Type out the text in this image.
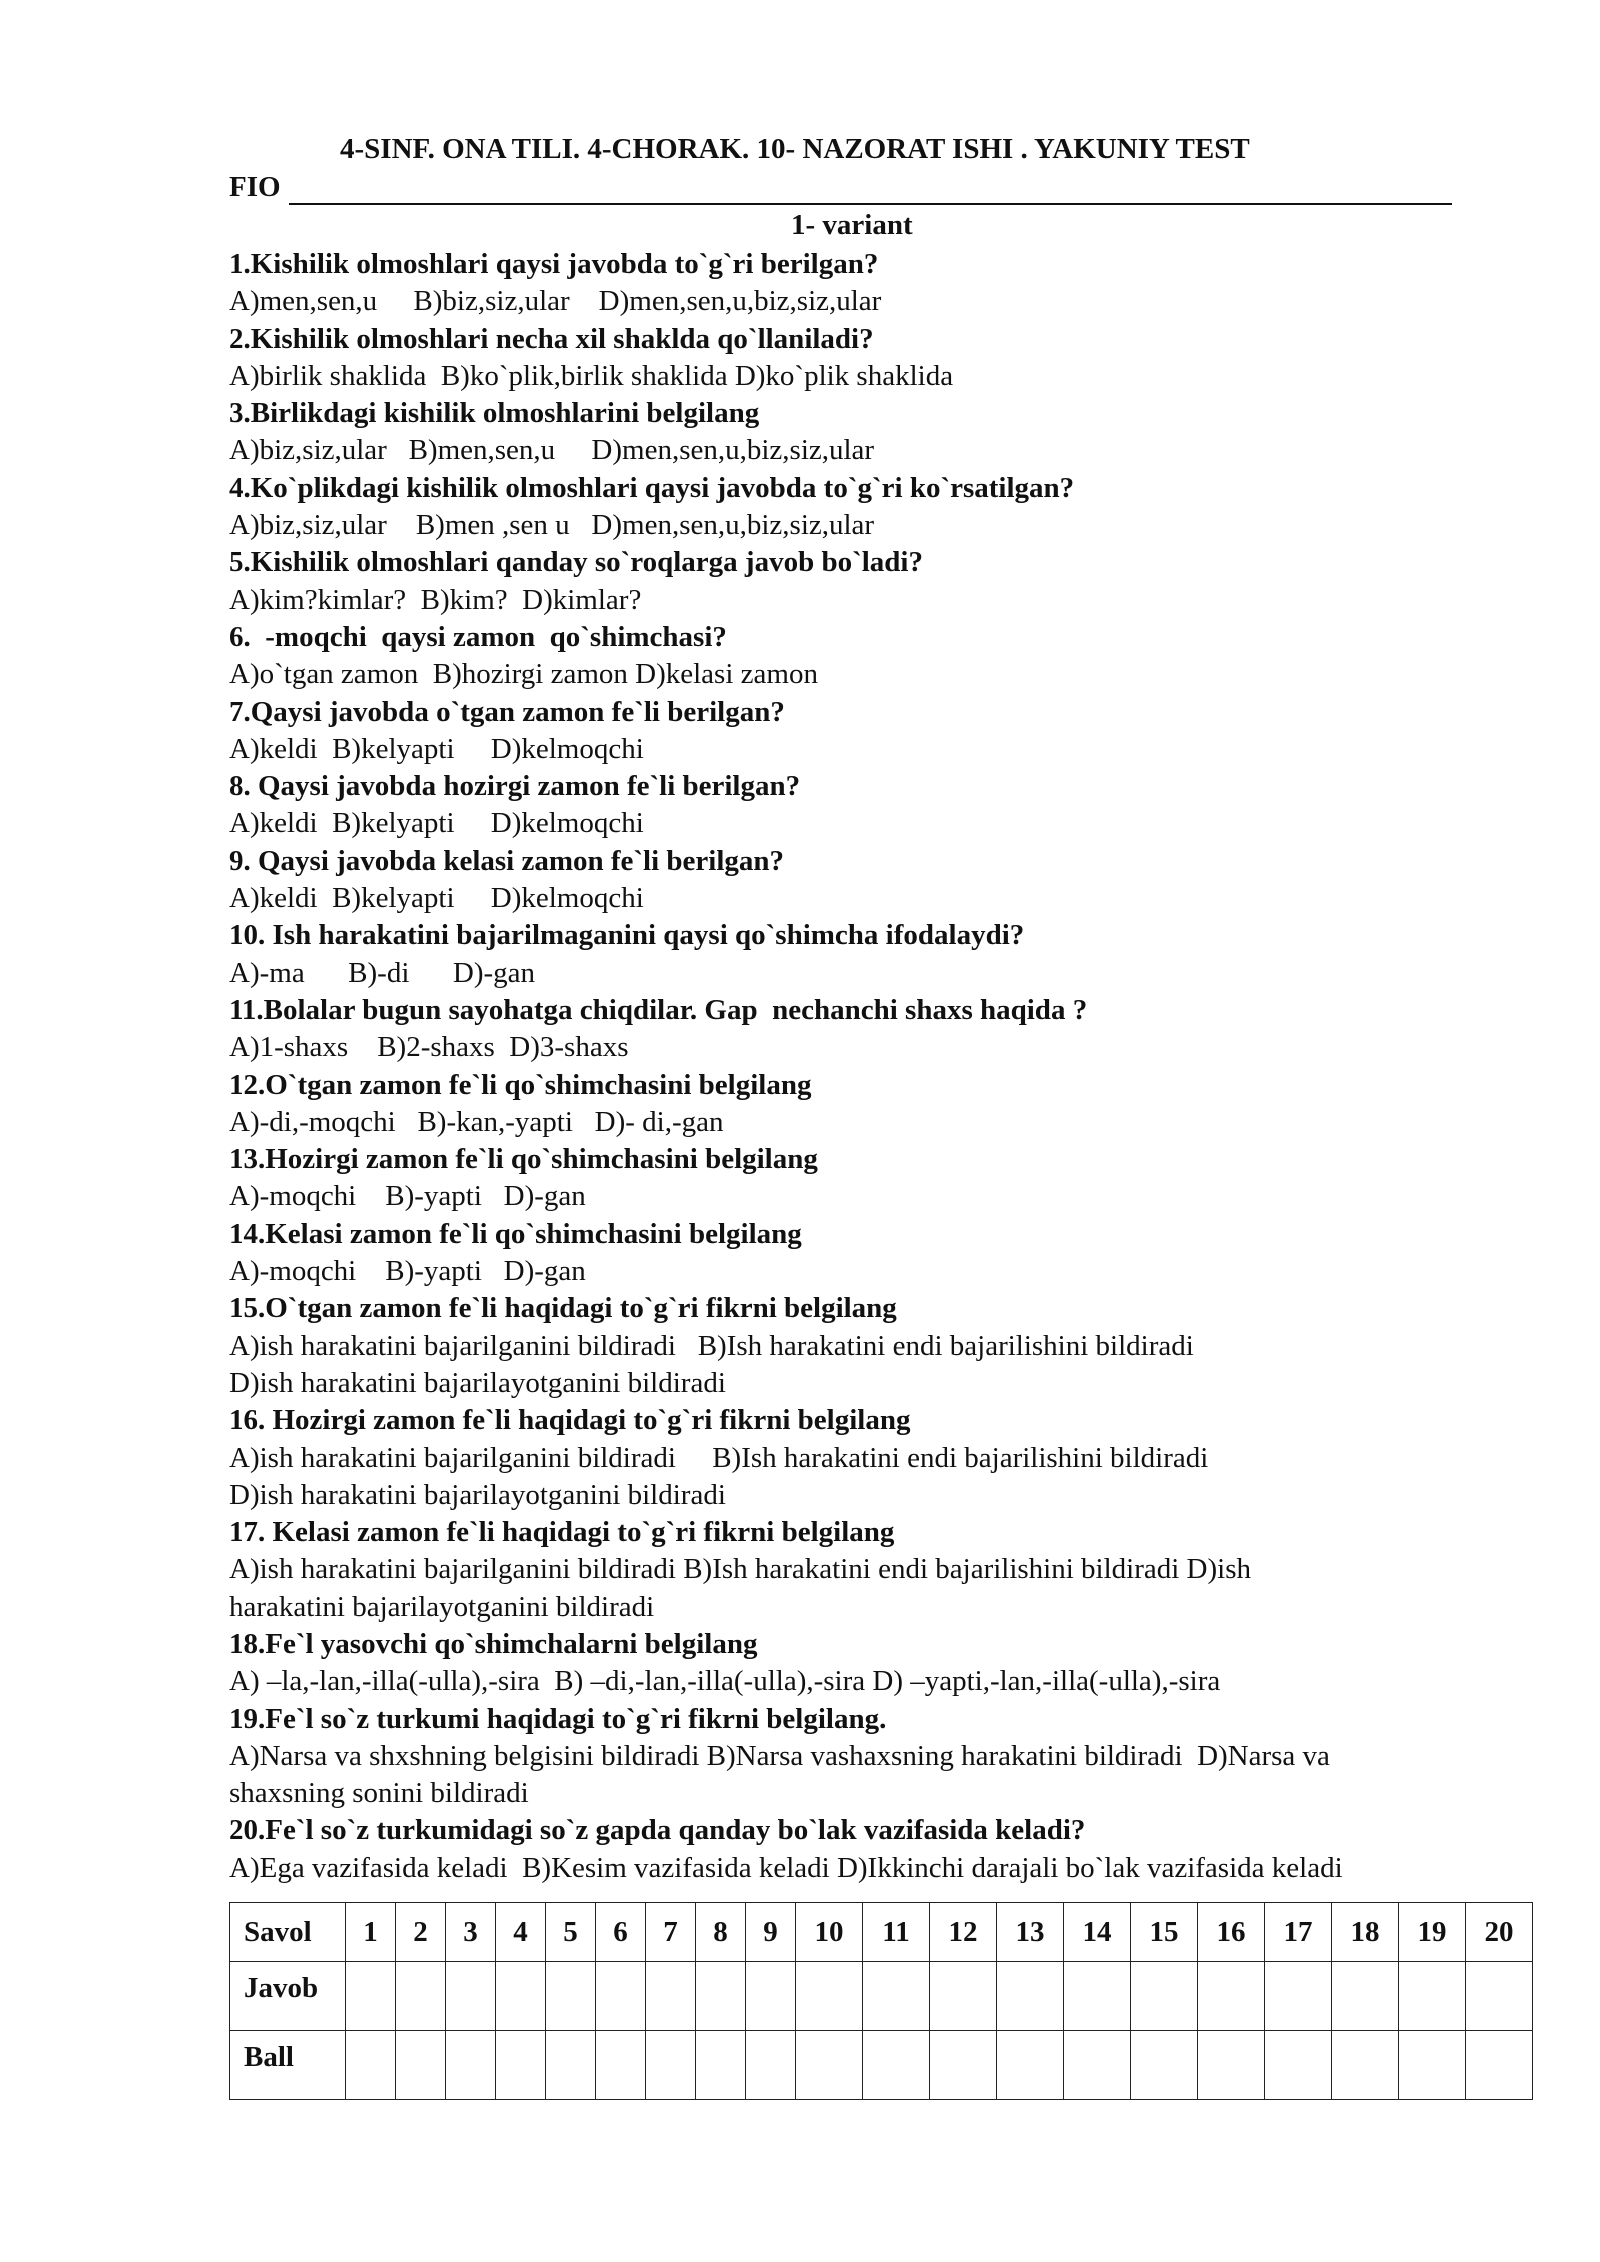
4-SINF. ONA TILI. 4-CHORAK. 10- NAZORAT ISHI . YAKUNIY TEST
FIO
1- variant
1.Kishilik olmoshlari qaysi javobda to`g`ri berilgan?
A)men,sen,u     B)biz,siz,ular    D)men,sen,u,biz,siz,ular
2.Kishilik olmoshlari necha xil shaklda qo`llaniladi?
A)birlik shaklida  B)ko`plik,birlik shaklida D)ko`plik shaklida
3.Birlikdagi kishilik olmoshlarini belgilang
A)biz,siz,ular   B)men,sen,u     D)men,sen,u,biz,siz,ular
4.Ko`plikdagi kishilik olmoshlari qaysi javobda to`g`ri ko`rsatilgan?
A)biz,siz,ular    B)men ,sen u   D)men,sen,u,biz,siz,ular
5.Kishilik olmoshlari qanday so`roqlarga javob bo`ladi?
A)kim?kimlar?  B)kim?  D)kimlar?
6.  -moqchi  qaysi zamon  qo`shimchasi?
A)o`tgan zamon  B)hozirgi zamon D)kelasi zamon
7.Qaysi javobda o`tgan zamon fe`li berilgan?
A)keldi  B)kelyapti     D)kelmoqchi
8. Qaysi javobda hozirgi zamon fe`li berilgan?
A)keldi  B)kelyapti     D)kelmoqchi
9. Qaysi javobda kelasi zamon fe`li berilgan?
A)keldi  B)kelyapti     D)kelmoqchi
10. Ish harakatini bajarilmaganini qaysi qo`shimcha ifodalaydi?
A)-ma      B)-di      D)-gan
11.Bolalar bugun sayohatga chiqdilar. Gap  nechanchi shaxs haqida ?
A)1-shaxs    B)2-shaxs  D)3-shaxs
12.O`tgan zamon fe`li qo`shimchasini belgilang
A)-di,-moqchi   B)-kan,-yapti   D)- di,-gan
13.Hozirgi zamon fe`li qo`shimchasini belgilang
A)-moqchi    B)-yapti   D)-gan
14.Kelasi zamon fe`li qo`shimchasini belgilang
A)-moqchi    B)-yapti   D)-gan
15.O`tgan zamon fe`li haqidagi to`g`ri fikrni belgilang
A)ish harakatini bajarilganini bildiradi   B)Ish harakatini endi bajarilishini bildiradi
D)ish harakatini bajarilayotganini bildiradi
16. Hozirgi zamon fe`li haqidagi to`g`ri fikrni belgilang
A)ish harakatini bajarilganini bildiradi     B)Ish harakatini endi bajarilishini bildiradi
D)ish harakatini bajarilayotganini bildiradi
17. Kelasi zamon fe`li haqidagi to`g`ri fikrni belgilang
A)ish harakatini bajarilganini bildiradi B)Ish harakatini endi bajarilishini bildiradi D)ish
harakatini bajarilayotganini bildiradi
18.Fe`l yasovchi qo`shimchalarni belgilang
A) –la,-lan,-illa(-ulla),-sira  B) –di,-lan,-illa(-ulla),-sira D) –yapti,-lan,-illa(-ulla),-sira
19.Fe`l so`z turkumi haqidagi to`g`ri fikrni belgilang.
A)Narsa va shxshning belgisini bildiradi B)Narsa vashaxsning harakatini bildiradi  D)Narsa va
shaxsning sonini bildiradi
20.Fe`l so`z turkumidagi so`z gapda qanday bo`lak vazifasida keladi?
A)Ega vazifasida keladi  B)Kesim vazifasida keladi D)Ikkinchi darajali bo`lak vazifasida keladi
Savol	1	2	3	4	5	6	7	8	9	10	11	12	13	14	15	16	17	18	19	20
Javob																				
Ball																				
